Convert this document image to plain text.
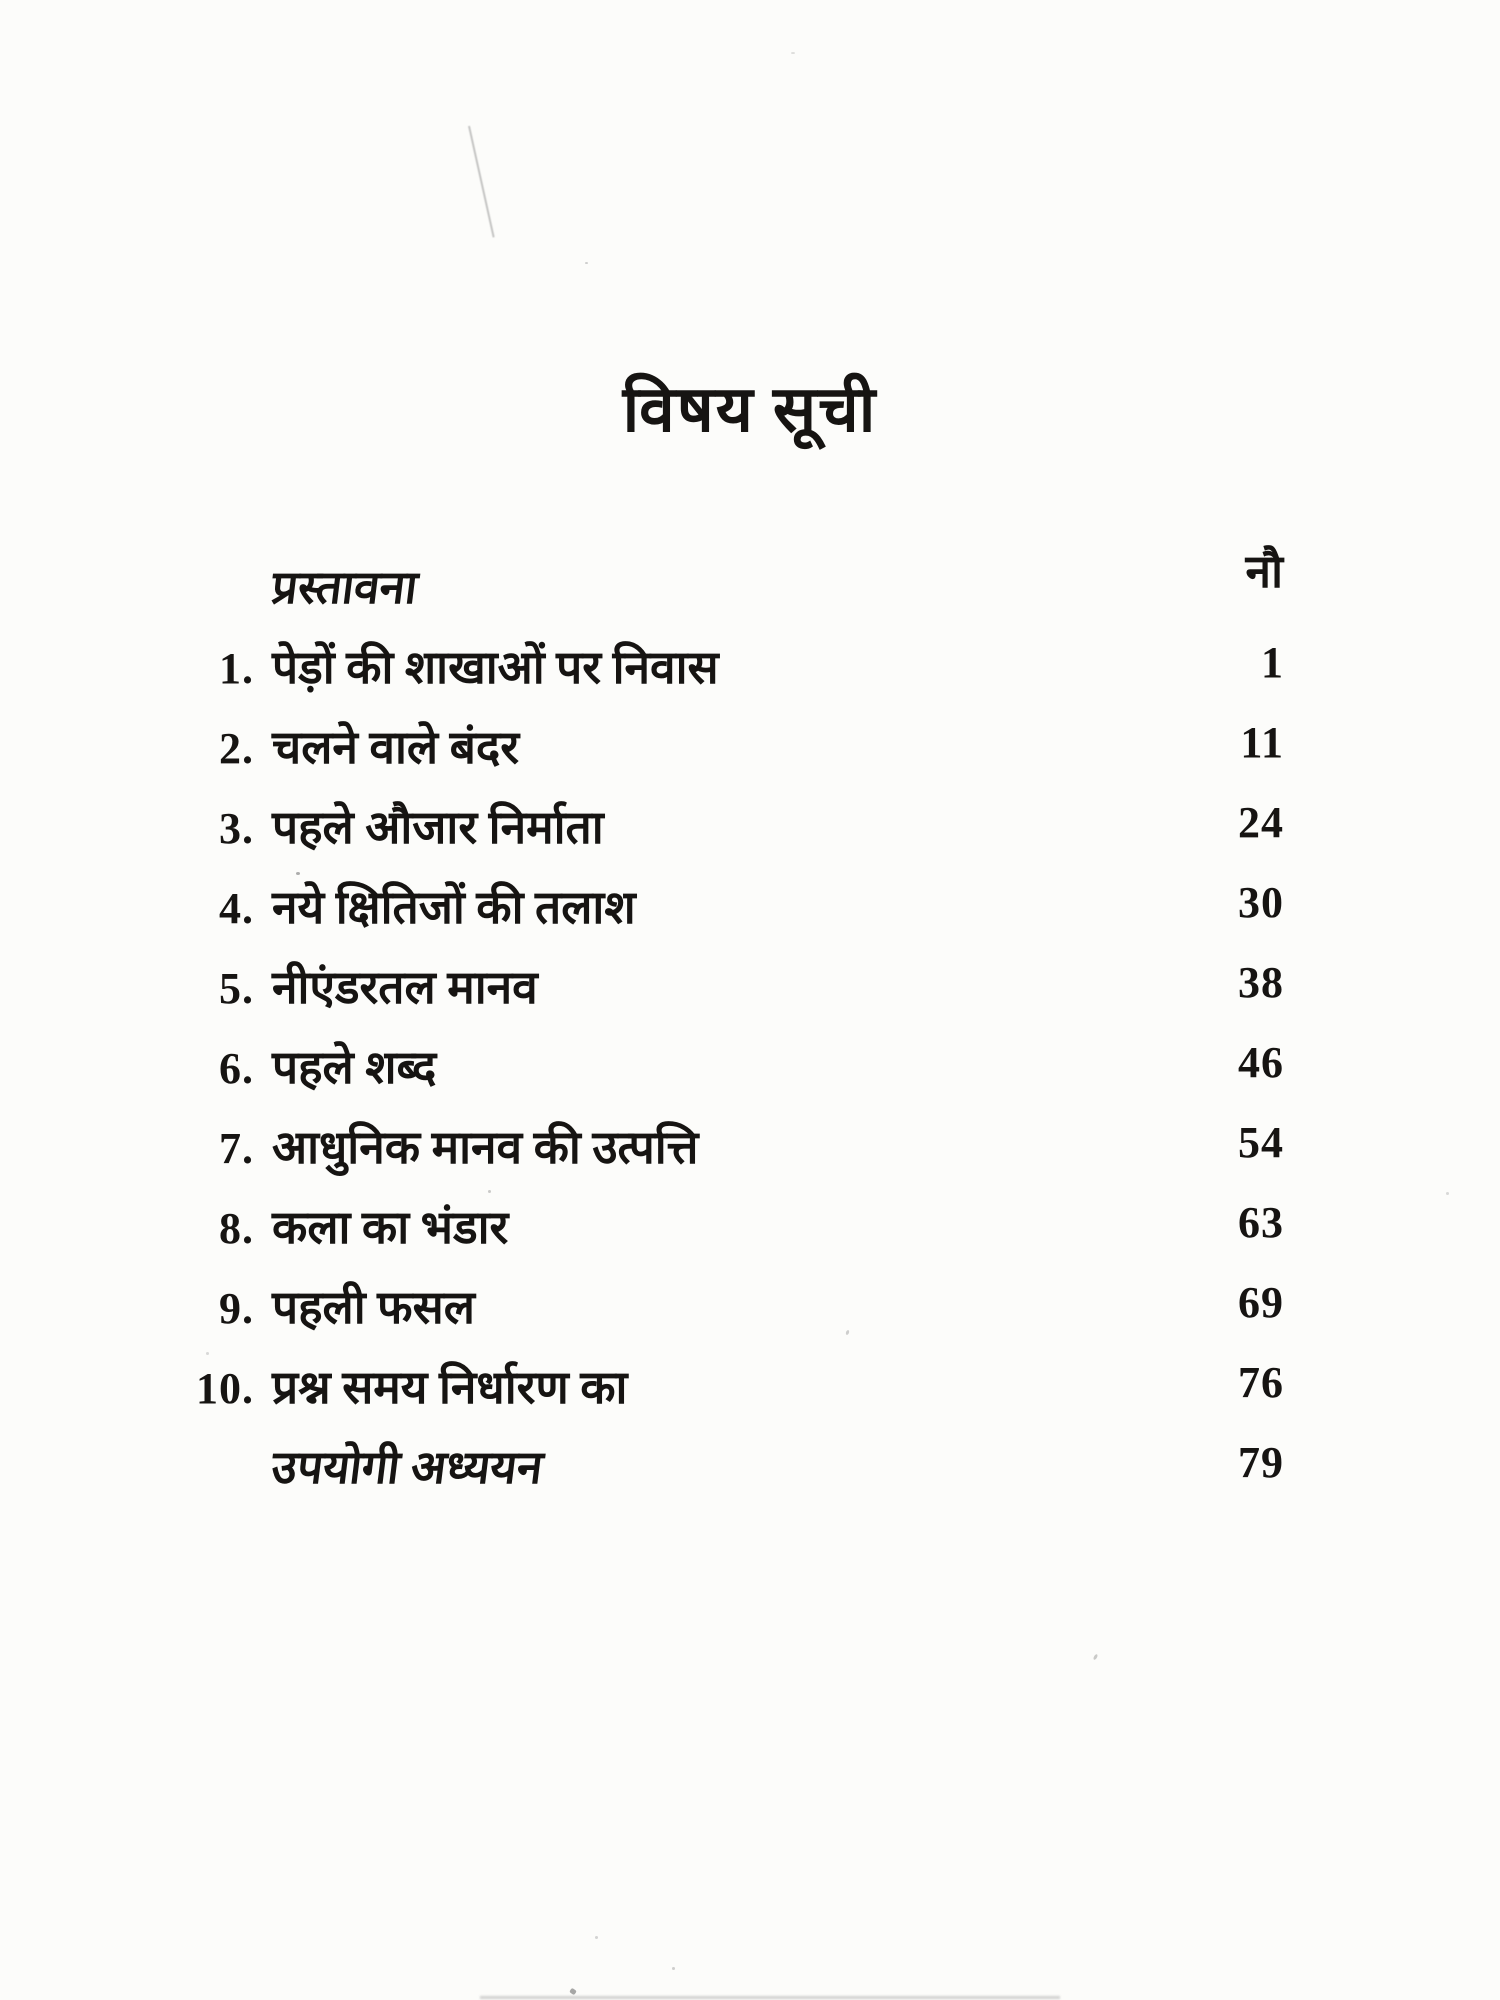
विषय सूची
प्रस्तावना	नौ
1. पेड़ों की शाखाओं पर निवास	1
2. चलने वाले बंदर	11
3. पहले औजार निर्माता	24
4. नये क्षितिजों की तलाश	30
5. नीएंडरतल मानव	38
6. पहले शब्द	46
7. आधुनिक मानव की उत्पत्ति	54
8. कला का भंडार	63
9. पहली फसल	69
10. प्रश्न समय निर्धारण का	76
उपयोगी अध्ययन	79
